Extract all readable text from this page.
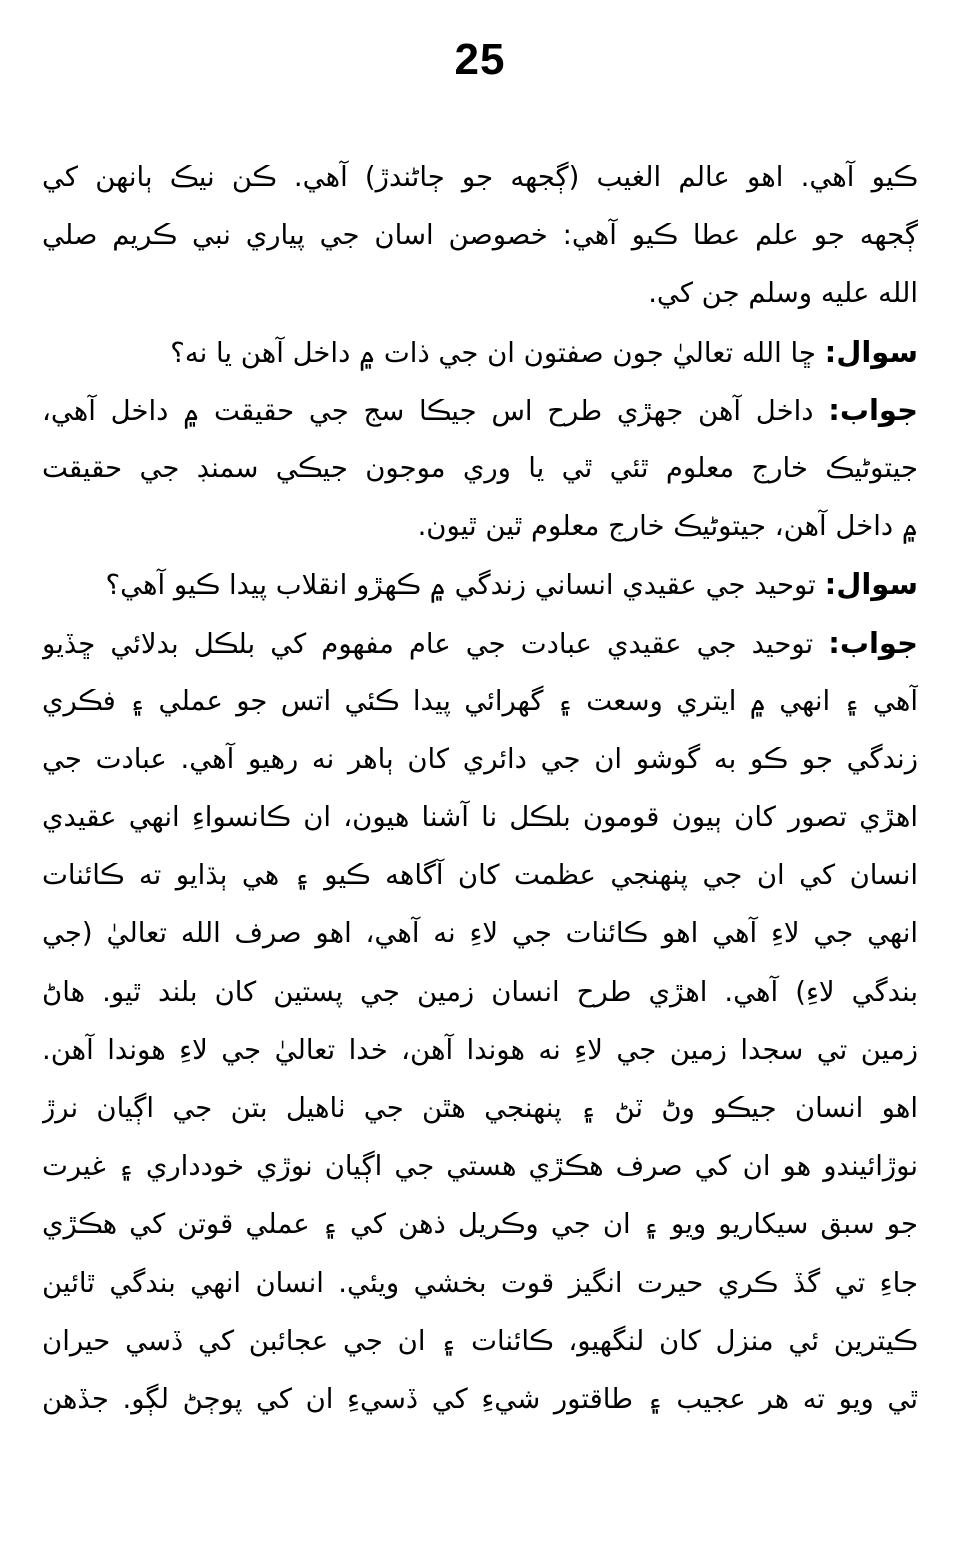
25
ڪيو آهي. اهو عالم الغيب (ڳجهه جو ڄاڻندڙ) آهي. ڪن نيڪ ٻانهن کي
ڳجهه جو علم عطا ڪيو آهي: خصوصن اسان جي پياري نبي ڪريم صلي
الله عليه وسلم جن کي.
سوال: ڇا الله تعاليٰ جون صفتون ان جي ذات ۾ داخل آهن يا نه؟
جواب: داخل آهن جهڙي طرح اس جيڪا سج جي حقيقت ۾ داخل آهي،
جيتوڻيڪ خارج معلوم ٿئي ٿي يا وري موجون جيڪي سمنڊ جي حقيقت
۾ داخل آهن، جيتوڻيڪ خارج معلوم ٿين ٿيون.
سوال: توحيد جي عقيدي انساني زندگي ۾ ڪهڙو انقلاب پيدا ڪيو آهي؟
جواب: توحيد جي عقيدي عبادت جي عام مفهوم کي بلڪل بدلائي ڇڏيو
آهي ۽ انهي ۾ ايتري وسعت ۽ گهرائي پيدا ڪئي اتس جو عملي ۽ فڪري
زندگي جو ڪو به گوشو ان جي دائري کان ٻاهر نه رهيو آهي. عبادت جي
اهڙي تصور کان ٻيون قومون بلڪل نا آشنا هيون، ان ڪانسواءِ انهي عقيدي
انسان کي ان جي پنهنجي عظمت کان آگاهه ڪيو ۽ هي ٻڌايو ته ڪائنات
انهي جي لاءِ آهي اهو ڪائنات جي لاءِ نه آهي، اهو صرف الله تعاليٰ (جي
بندگي لاءِ) آهي. اهڙي طرح انسان زمين جي پستين کان بلند ٿيو. هاڻ
زمين تي سجدا زمين جي لاءِ نه هوندا آهن، خدا تعاليٰ جي لاءِ هوندا آهن.
اهو انسان جيڪو وڻ ٽڻ ۽ پنهنجي هٿن جي ٺاهيل بتن جي اڳيان نرڙ
نوڙائيندو هو ان کي صرف هڪڙي هستي جي اڳيان نوڙي خودداري ۽ غيرت
جو سبق سيکاريو ويو ۽ ان جي وڪريل ذهن کي ۽ عملي قوتن کي هڪڙي
جاءِ تي گڏ ڪري حيرت انگيز قوت بخشي ويئي. انسان انهي بندگي ٿائين
ڪيترين ئي منزل کان لنگهيو، ڪائنات ۽ ان جي عجائبن کي ڏسي حيران
ٿي ويو ته هر عجيب ۽ طاقتور شيءِ کي ڏسيءِ ان کي پوڄڻ لڳو. جڏهن
